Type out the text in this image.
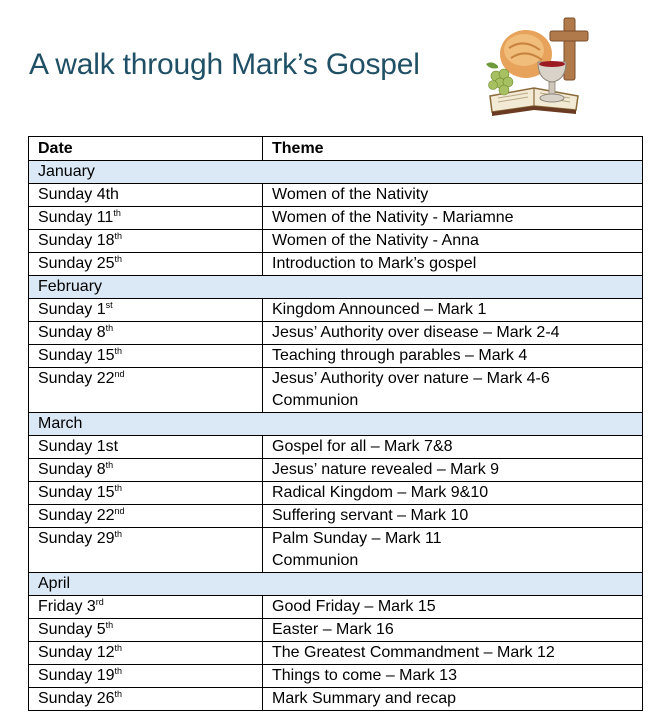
A walk through Mark’s Gospel
Date	Theme
January	
Sunday 4th	Women of the Nativity
Sunday 11th	Women of the Nativity - Mariamne
Sunday 18th	Women of the Nativity - Anna
Sunday 25th	Introduction to Mark’s gospel
February	
Sunday 1st	Kingdom Announced – Mark 1
Sunday 8th	Jesus’ Authority over disease – Mark 2-4
Sunday 15th	Teaching through parables – Mark 4
Sunday 22nd	Jesus’ Authority over nature – Mark 4-6
Communion

March	
Sunday 1st	Gospel for all – Mark 7&8
Sunday 8th	Jesus’ nature revealed – Mark 9
Sunday 15th	Radical Kingdom – Mark 9&10
Sunday 22nd	Suffering servant – Mark 10
Sunday 29th	Palm Sunday – Mark 11
Communion

April	
Friday 3rd	Good Friday – Mark 15
Sunday 5th	Easter – Mark 16
Sunday 12th	The Greatest Commandment – Mark 12
Sunday 19th	Things to come – Mark 13
Sunday 26th	Mark Summary and recap
